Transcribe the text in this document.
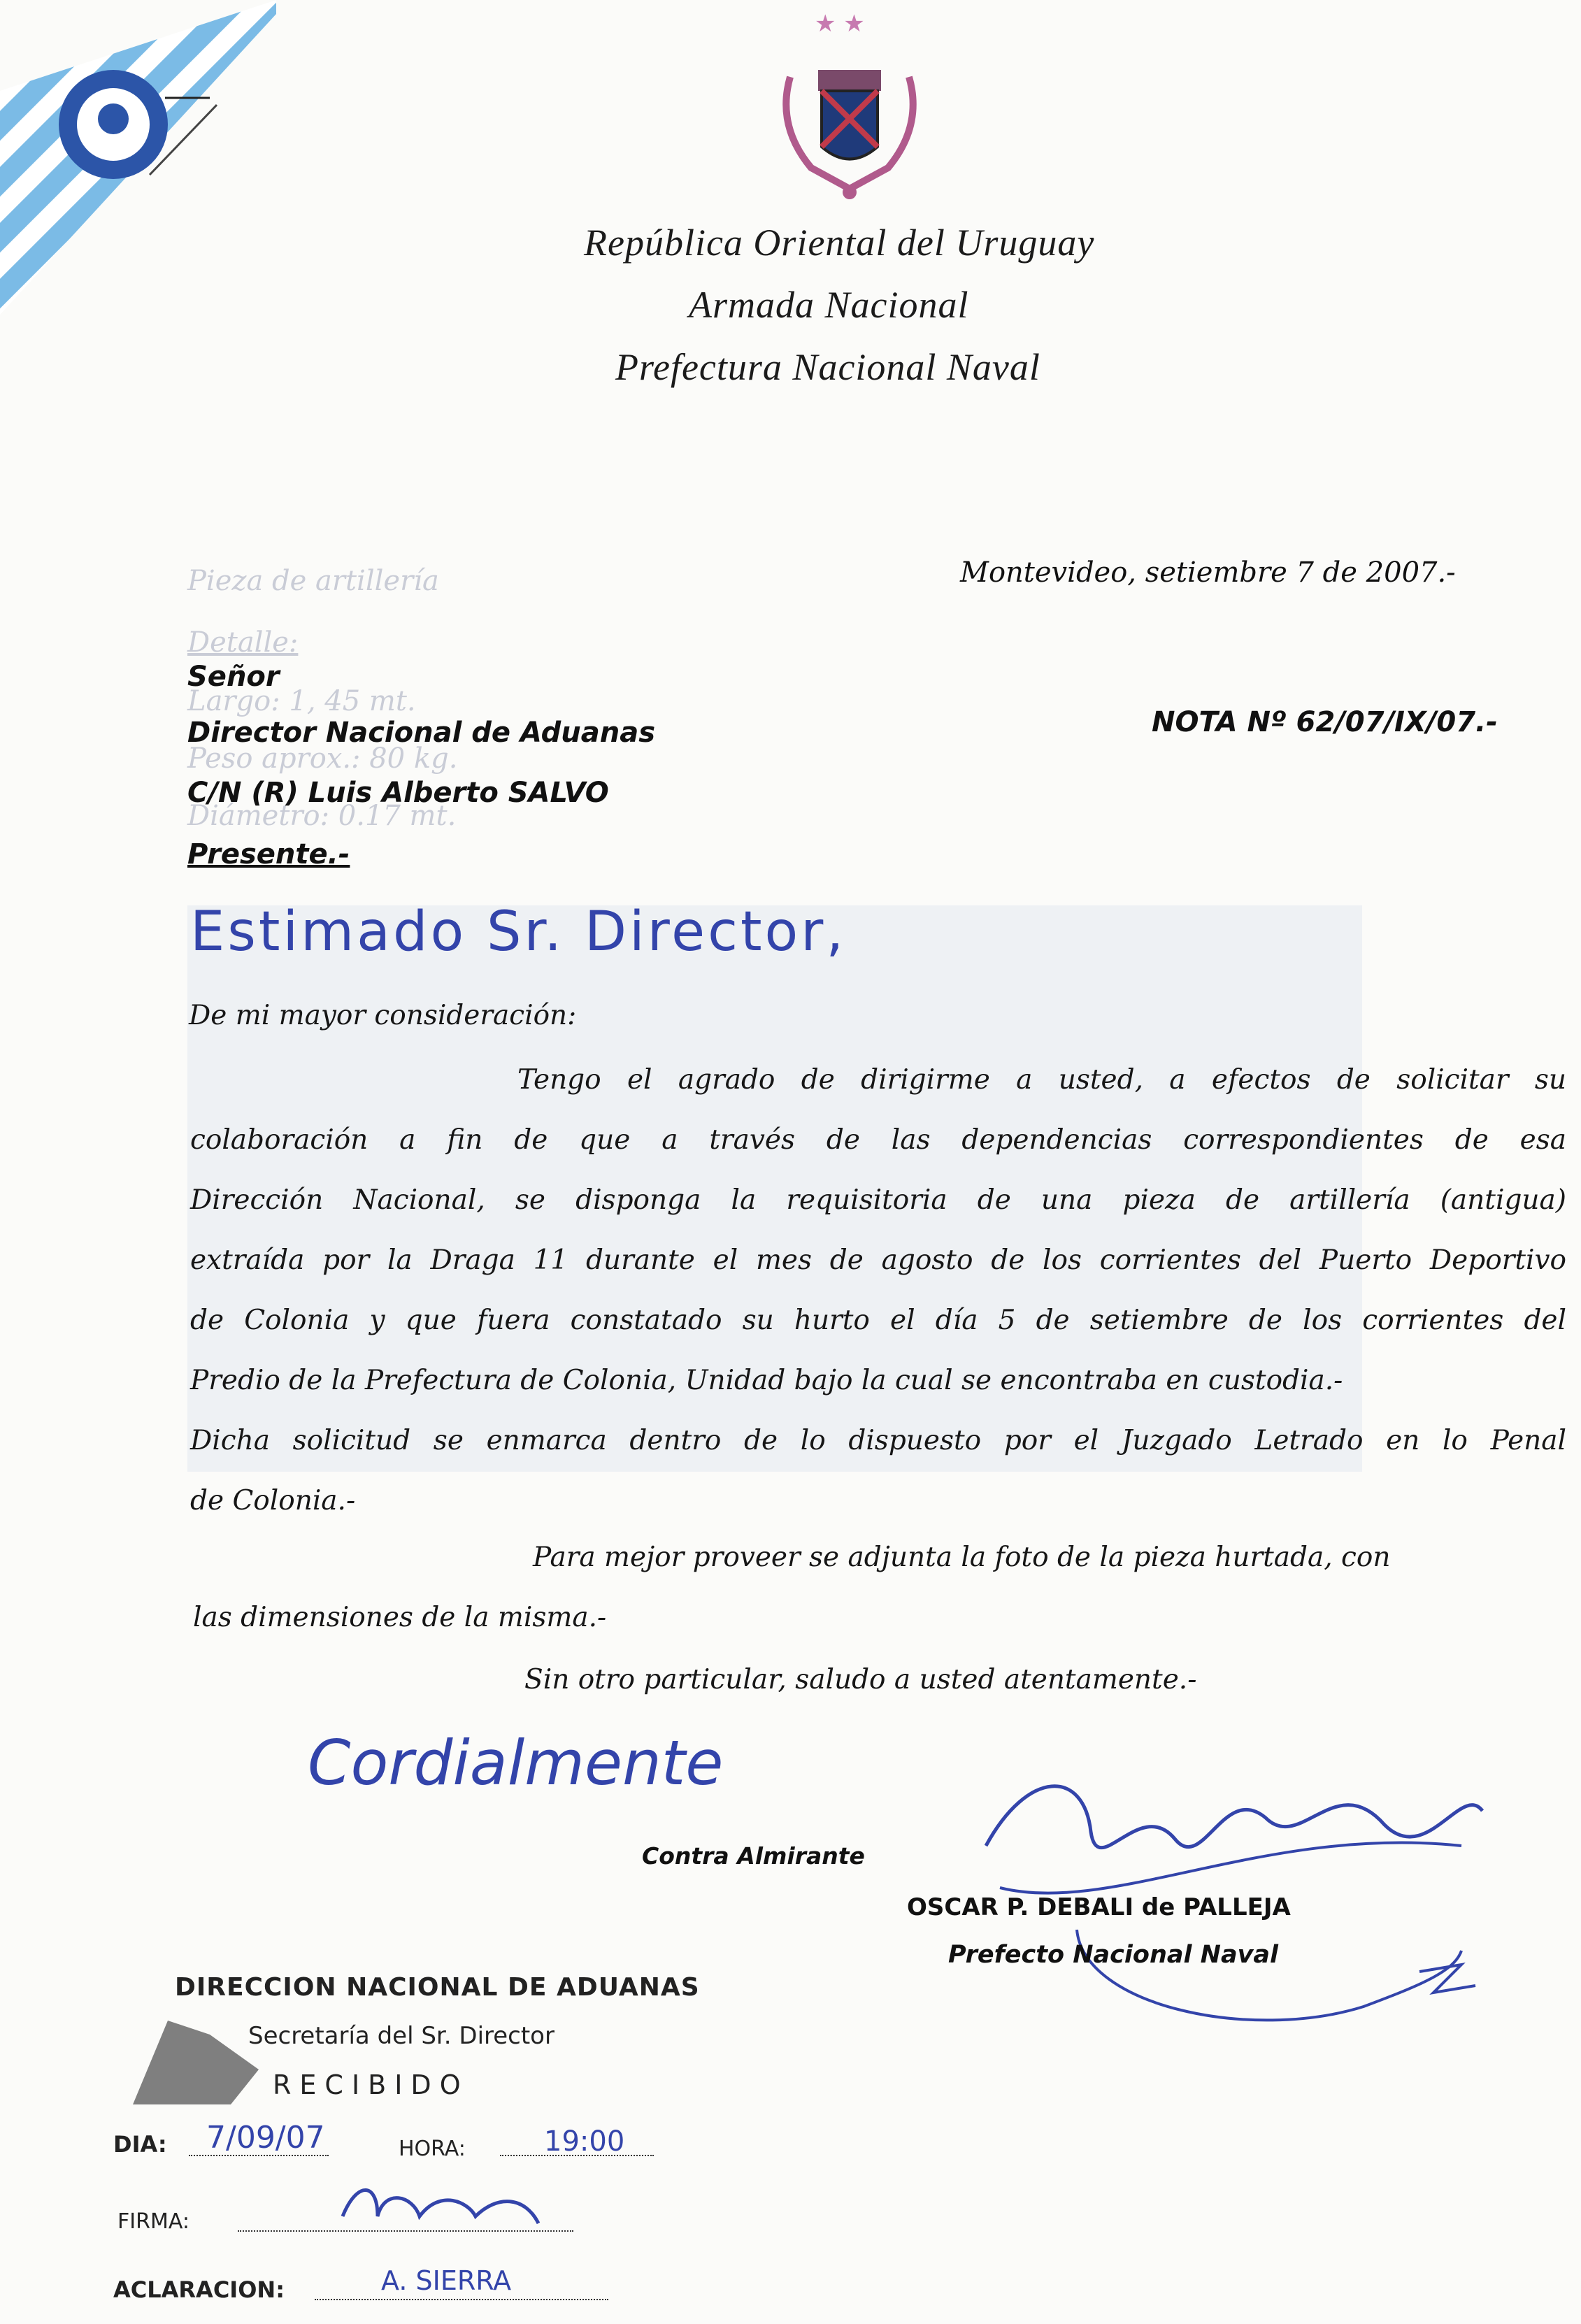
Pieza de artillería
Detalle:
Largo: 1, 45 mt.
Peso aprox.: 80 kg.
Diámetro: 0.17 mt.
★ ★
República Oriental del Uruguay
Armada Nacional
Prefectura Nacional Naval
Montevideo, setiembre 7 de 2007.-
NOTA Nº 62/07/IX/07.-
Señor
Director Nacional de Aduanas
C/N (R) Luis Alberto SALVO
Presente.-
Estimado Sr. Director,
De mi mayor consideración:
Tengo el agrado de dirigirme a usted, a efectos de solicitar su
colaboración a fin de que a través de las dependencias correspondientes de esa
Dirección Nacional, se disponga la requisitoria de una pieza de artillería (antigua)
extraída por la Draga 11 durante el mes de agosto de los corrientes del Puerto Deportivo
de Colonia y que fuera constatado su hurto el día 5 de setiembre de los corrientes del
Predio de la Prefectura de Colonia, Unidad bajo la cual se encontraba en custodia.-
Dicha solicitud se enmarca dentro de lo dispuesto por el Juzgado Letrado en lo Penal
de Colonia.-
Para mejor proveer se adjunta la foto de la pieza hurtada, con
las dimensiones de la misma.-
Sin otro particular, saludo a usted atentamente.-
Cordialmente
Contra Almirante
OSCAR P. DEBALI de PALLEJA
Prefecto Nacional Naval
DIRECCION NACIONAL DE ADUANAS
Secretaría del Sr. Director
RECIBIDO
DIA: 7/09/07	HORA:	19:00
FIRMA:
ACLARACION:	A. SIERRA
